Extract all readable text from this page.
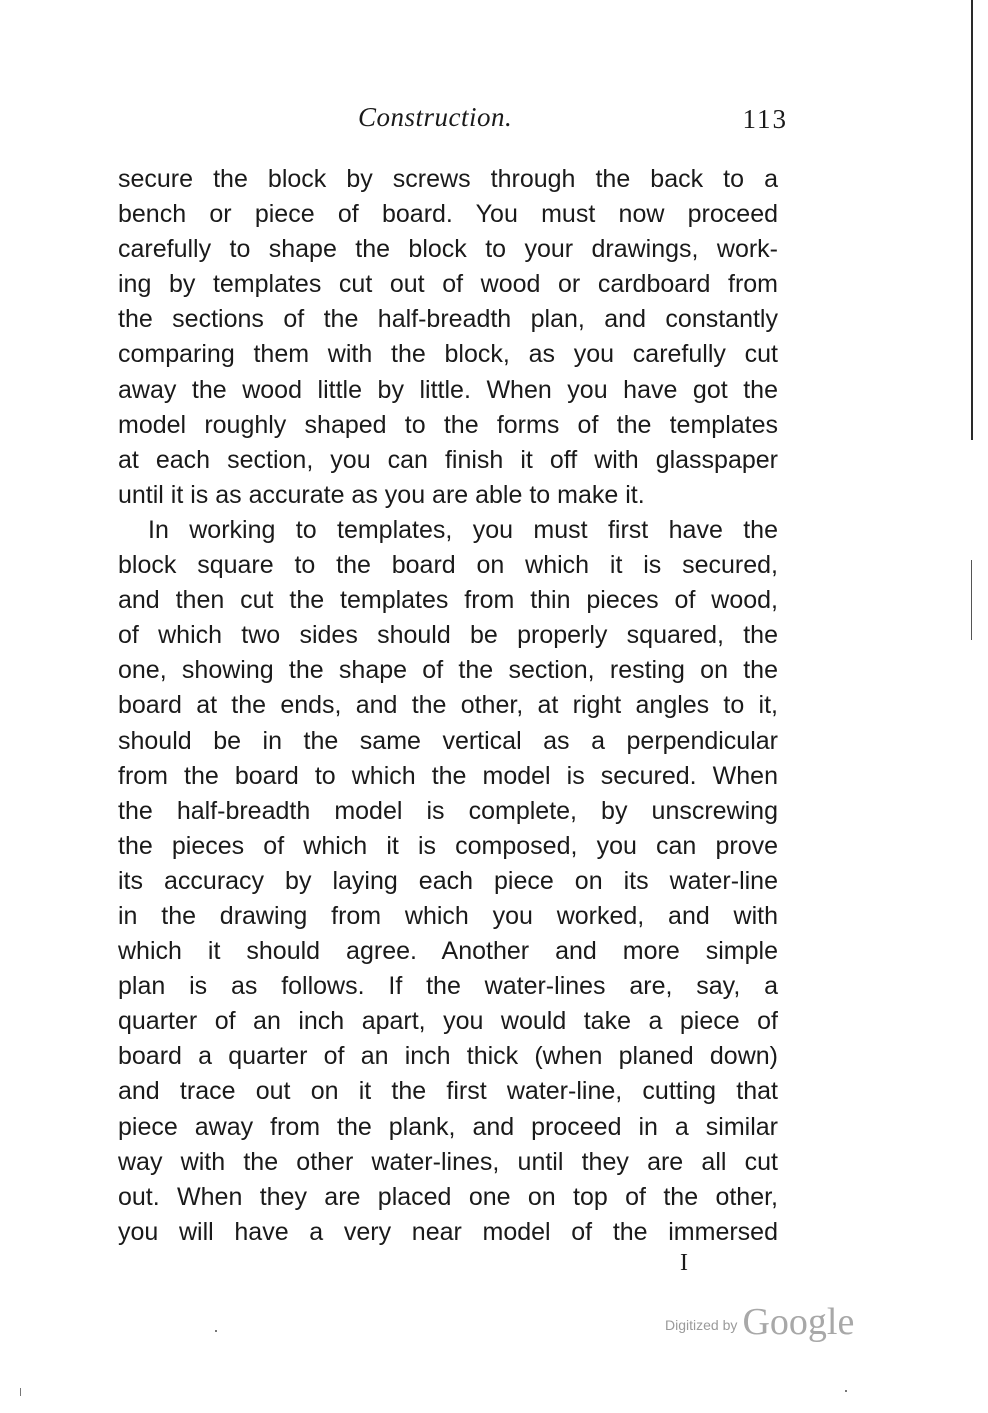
Construction.	113
secure the block by screws through the back to a
bench or piece of board. You must now proceed
carefully to shape the block to your drawings, work-
ing by templates cut out of wood or cardboard from
the sections of the half-breadth plan, and constantly
comparing them with the block, as you carefully cut
away the wood little by little. When you have got the
model roughly shaped to the forms of the templates
at each section, you can finish it off with glasspaper
until it is as accurate as you are able to make it.
In working to templates, you must first have the
block square to the board on which it is secured,
and then cut the templates from thin pieces of wood,
of which two sides should be properly squared, the
one, showing the shape of the section, resting on the
board at the ends, and the other, at right angles to it,
should be in the same vertical as a perpendicular
from the board to which the model is secured. When
the half-breadth model is complete, by unscrewing
the pieces of which it is composed, you can prove
its accuracy by laying each piece on its water-line
in the drawing from which you worked, and with
which it should agree. Another and more simple
plan is as follows. If the water-lines are, say, a
quarter of an inch apart, you would take a piece of
board a quarter of an inch thick (when planed down)
and trace out on it the first water-line, cutting that
piece away from the plank, and proceed in a similar
way with the other water-lines, until they are all cut
out. When they are placed one on top of the other,
you will have a very near model of the immersed
I
Digitized by Google
